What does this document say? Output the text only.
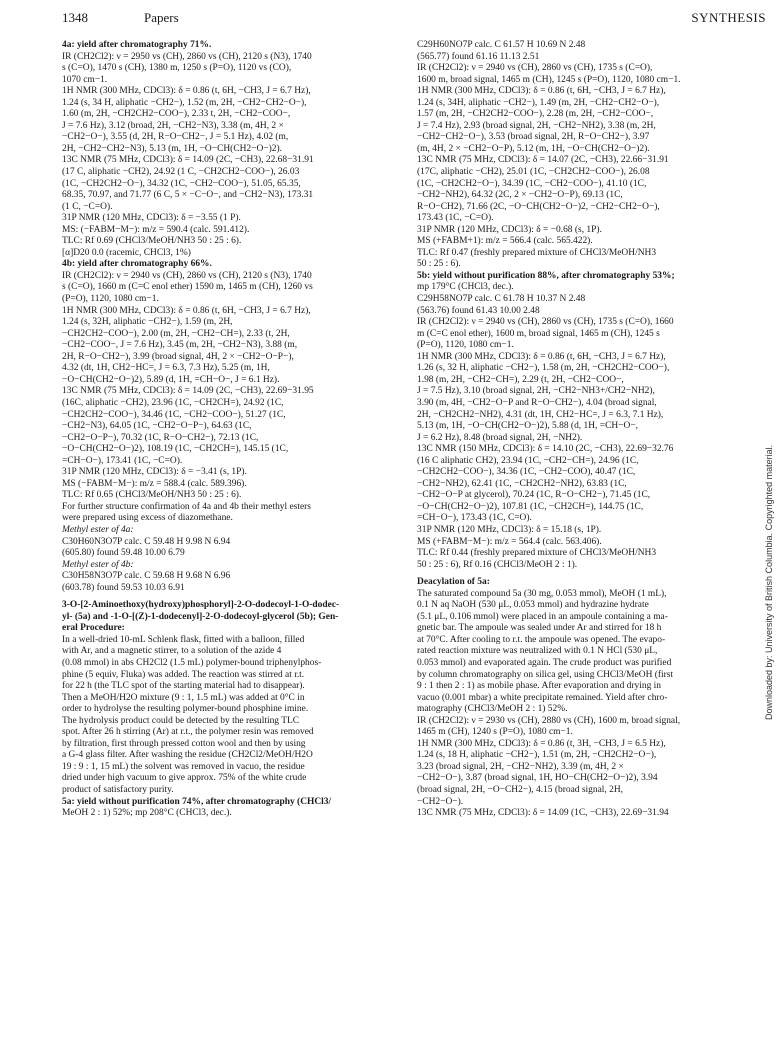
1348	Papers	SYNTHESIS
4a: yield after chromatography 71%.
IR (CH2Cl2): ν = 2950 vs (CH), 2860 vs (CH), 2120 s (N3), 1740
s (C=O), 1470 s (CH), 1380 m, 1250 s (P=O), 1120 vs (CO),
1070 cm−1.
1H NMR (300 MHz, CDCl3): δ = 0.86 (t, 6H, −CH3, J = 6.7 Hz),
1.24 (s, 34 H, aliphatic −CH2−), 1.52 (m, 2H, −CH2−CH2−O−),
1.60 (m, 2H, −CH2CH2−COO−), 2.33 t, 2H, −CH2−COO−,
J = 7.6 Hz), 3.12 (broad, 2H, −CH2−N3), 3.38 (m, 4H, 2 ×
−CH2−O−), 3.55 (d, 2H, R−O−CH2−, J = 5.1 Hz), 4.02 (m,
2H, −CH2−CH2−N3), 5.13 (m, 1H, −O−CH(CH2−O−)2).
13C NMR (75 MHz, CDCl3): δ = 14.09 (2C, −CH3), 22.68−31.91
(17 C, aliphatic −CH2), 24.92 (1 C, −CH2CH2−COO−), 26.03
(1C, −CH2CH2−O−), 34.32 (1C, −CH2−COO−), 51.05, 65.35,
68.35, 70.97, and 71.77 (6 C, 5 × −C−O−, and −CH2−N3), 173.31
(1 C, −C=O).
31P NMR (120 MHz, CDCl3): δ = −3.55 (1 P).
MS: (−FABM−M−): m/z = 590.4 (calc. 591.412).
TLC: Rf 0.69 (CHCl3/MeOH/NH3 50 : 25 : 6).
[α]D20 0.0 (racemic, CHCl3, 1%)
4b: yield after chromatography 66%.
IR (CH2Cl2): ν = 2940 vs (CH), 2860 vs (CH), 2120 s (N3), 1740
s (C=O), 1660 m (C=C enol ether) 1590 m, 1465 m (CH), 1260 vs
(P=O), 1120, 1080 cm−1.
1H NMR (300 MHz, CDCl3): δ = 0.86 (t, 6H, −CH3, J = 6.7 Hz),
1.24 (s, 32H, aliphatic −CH2−), 1.59 (m, 2H,
−CH2CH2−COO−), 2.00 (m, 2H, −CH2−CH=), 2.33 (t, 2H,
−CH2−COO−, J = 7.6 Hz), 3.45 (m, 2H, −CH2−N3), 3.88 (m,
2H, R−O−CH2−), 3.99 (broad signal, 4H, 2 × −CH2−O−P−),
4.32 (dt, 1H, CH2−HC=, J = 6.3, 7.3 Hz), 5.25 (m, 1H,
−O−CH(CH2−O−)2), 5.89 (d, 1H, =CH−O−, J = 6.1 Hz).
13C NMR (75 MHz, CDCl3): δ = 14.09 (2C, −CH3), 22.69−31.95
(16C, aliphatic −CH2), 23.96 (1C, −CH2CH=), 24.92 (1C,
−CH2CH2−COO−), 34.46 (1C, −CH2−COO−), 51.27 (1C,
−CH2−N3), 64.05 (1C, −CH2−O−P−), 64.63 (1C,
−CH2−O−P−), 70.32 (1C, R−O−CH2−), 72.13 (1C,
−O−CH(CH2−O−)2), 108.19 (1C, −CH2CH=), 145.15 (1C,
=CH−O−), 173.41 (1C, −C=O).
31P NMR (120 MHz, CDCl3): δ = −3.41 (s, 1P).
MS (−FABM−M−): m/z = 588.4 (calc. 589.396).
TLC: Rf 0.65 (CHCl3/MeOH/NH3 50 : 25 : 6).
For further structure confirmation of 4a and 4b their methyl esters
were prepared using excess of diazomethane.
Methyl ester of 4a:
C30H60N3O7P calc. C 59.48 H 9.98 N 6.94
(605.80) found 59.48 10.00 6.79
Methyl ester of 4b:
C30H58N3O7P calc. C 59.68 H 9.68 N 6.96
(603.78) found 59.53 10.03 6.91
3-O-[2-Aminoethoxy(hydroxy)phosphoryl]-2-O-dodecoyl-1-O-dodec-
yl- (5a) and -1-O-[(Z)-1-dodecenyl]-2-O-dodecoyl-glycerol (5b); Gen-
eral Procedure:
In a well-dried 10-mL Schlenk flask, fitted with a balloon, filled
with Ar, and a magnetic stirrer, to a solution of the azide 4
(0.08 mmol) in abs CH2Cl2 (1.5 mL) polymer-bound triphenylphos-
phine (5 equiv, Fluka) was added. The reaction was stirred at r.t.
for 22 h (the TLC spot of the starting material had to disappear).
Then a MeOH/H2O mixture (9 : 1, 1.5 mL) was added at 0°C in
order to hydrolyse the resulting polymer-bound phosphine imine.
The hydrolysis product could be detected by the resulting TLC
spot. After 26 h stirring (Ar) at r.t., the polymer resin was removed
by filtration, first through pressed cotton wool and then by using
a G-4 glass filter. After washing the residue (CH2Cl2/MeOH/H2O
19 : 9 : 1, 15 mL) the solvent was removed in vacuo, the residue
dried under high vacuum to give approx. 75% of the white crude
product of satisfactory purity.
5a: yield without purification 74%, after chromatography (CHCl3/
MeOH 2 : 1) 52%; mp 208°C (CHCl3, dec.).
C29H60NO7P calc. C 61.57 H 10.69 N 2.48
(565.77) found 61.16 11.13 2.51
IR (CH2Cl2): ν = 2940 vs (CH), 2860 vs (CH), 1735 s (C=O),
1600 m, broad signal, 1465 m (CH), 1245 s (P=O), 1120, 1080 cm−1.
1H NMR (300 MHz, CDCl3): δ = 0.86 (t, 6H, −CH3, J = 6.7 Hz),
1.24 (s, 34H, aliphatic −CH2−), 1.49 (m, 2H, −CH2−CH2−O−),
1.57 (m, 2H, −CH2CH2−COO−), 2.28 (m, 2H, −CH2−COO−,
J = 7.4 Hz), 2.93 (broad signal, 2H, −CH2−NH2), 3.38 (m, 2H,
−CH2−CH2−O−), 3.53 (broad signal, 2H, R−O−CH2−), 3.97
(m, 4H, 2 × −CH2−O−P), 5.12 (m, 1H, −O−CH(CH2−O−)2).
13C NMR (75 MHz, CDCl3): δ = 14.07 (2C, −CH3), 22.66−31.91
(17C, aliphatic −CH2), 25.01 (1C, −CH2CH2−COO−), 26.08
(1C, −CH2CH2−O−), 34.39 (1C, −CH2−COO−), 41.10 (1C,
−CH2−NH2), 64.32 (2C, 2 × −CH2−O−P), 69.13 (1C,
R−O−CH2), 71.66 (2C, −O−CH(CH2−O−)2, −CH2−CH2−O−),
173.43 (1C, −C=O).
31P NMR (120 MHz, CDCl3): δ = −0.68 (s, 1P).
MS (+FABM+1): m/z = 566.4 (calc. 565.422).
TLC: Rf 0.47 (freshly prepared mixture of CHCl3/MeOH/NH3
50 : 25 : 6).
5b: yield without purification 88%, after chromatography 53%;
mp 179°C (CHCl3, dec.).
C29H58NO7P calc. C 61.78 H 10.37 N 2.48
(563.76) found 61.43 10.00 2.48
IR (CH2Cl2): ν = 2940 vs (CH), 2860 vs (CH), 1735 s (C=O), 1660
m (C=C enol ether), 1600 m, broad signal, 1465 m (CH), 1245 s
(P=O), 1120, 1080 cm−1.
1H NMR (300 MHz, CDCl3): δ = 0.86 (t, 6H, −CH3, J = 6.7 Hz),
1.26 (s, 32 H, aliphatic −CH2−), 1.58 (m, 2H, −CH2CH2−COO−),
1.98 (m, 2H, −CH2−CH=), 2.29 (t, 2H, −CH2−COO−,
J = 7.5 Hz), 3.10 (broad signal, 2H, −CH2−NH3+/CH2−NH2),
3.90 (m, 4H, −CH2−O−P and R−O−CH2−), 4.04 (broad signal,
2H, −CH2CH2−NH2), 4.31 (dt, 1H, CH2−HC=, J = 6.3, 7.1 Hz),
5.13 (m, 1H, −O−CH(CH2−O−)2), 5.88 (d, 1H, =CH−O−,
J = 6.2 Hz), 8.48 (broad signal, 2H, −NH2).
13C NMR (150 MHz, CDCl3): δ = 14.10 (2C, −CH3), 22.69−32.76
(16 C aliphatic CH2), 23.94 (1C, −CH2−CH=), 24.96 (1C,
−CH2CH2−COO−), 34.36 (1C, −CH2−COO), 40.47 (1C,
−CH2−NH2), 62.41 (1C, −CH2CH2−NH2), 63.83 (1C,
−CH2−O−P at glycerol), 70.24 (1C, R−O−CH2−), 71.45 (1C,
−O−CH(CH2−O−)2), 107.81 (1C, −CH2CH=), 144.75 (1C,
=CH−O−), 173.43 (1C, C=O).
31P NMR (120 MHz, CDCl3): δ = 15.18 (s, 1P).
MS (+FABM−M−): m/z = 564.4 (calc. 563.406).
TLC: Rf 0.44 (freshly prepared mixture of CHCl3/MeOH/NH3
50 : 25 : 6), Rf 0.16 (CHCl3/MeOH 2 : 1).
Deacylation of 5a:
The saturated compound 5a (30 mg, 0.053 mmol), MeOH (1 mL),
0.1 N aq NaOH (530 μL, 0.053 mmol) and hydrazine hydrate
(5.1 μL, 0.106 mmol) were placed in an ampoule containing a ma-
gnetic bar. The ampoule was sealed under Ar and stirred for 18 h
at 70°C. After cooling to r.t. the ampoule was opened. The evapo-
rated reaction mixture was neutralized with 0.1 N HCl (530 μL,
0.053 mmol) and evaporated again. The crude product was purified
by column chromatography on silica gel, using CHCl3/MeOH (first
9 : 1 then 2 : 1) as mobile phase. After evaporation and drying in
vacuo (0.001 mbar) a white precipitate remained. Yield after chro-
matography (CHCl3/MeOH 2 : 1) 52%.
IR (CH2Cl2): ν = 2930 vs (CH), 2880 vs (CH), 1600 m, broad signal,
1465 m (CH), 1240 s (P=O), 1080 cm−1.
1H NMR (300 MHz, CDCl3): δ = 0.86 (t, 3H, −CH3, J = 6.5 Hz),
1.24 (s, 18 H, aliphatic −CH2−), 1.51 (m, 2H, −CH2CH2−O−),
3.23 (broad signal, 2H, −CH2−NH2), 3.39 (m, 4H, 2 ×
−CH2−O−), 3.87 (broad signal, 1H, HO−CH(CH2−O−)2), 3.94
(broad signal, 2H, −O−CH2−), 4.15 (broad signal, 2H,
−CH2−O−).
13C NMR (75 MHz, CDCl3): δ = 14.09 (1C, −CH3), 22.69−31.94
Downloaded by: University of British Columbia. Copyrighted material.
